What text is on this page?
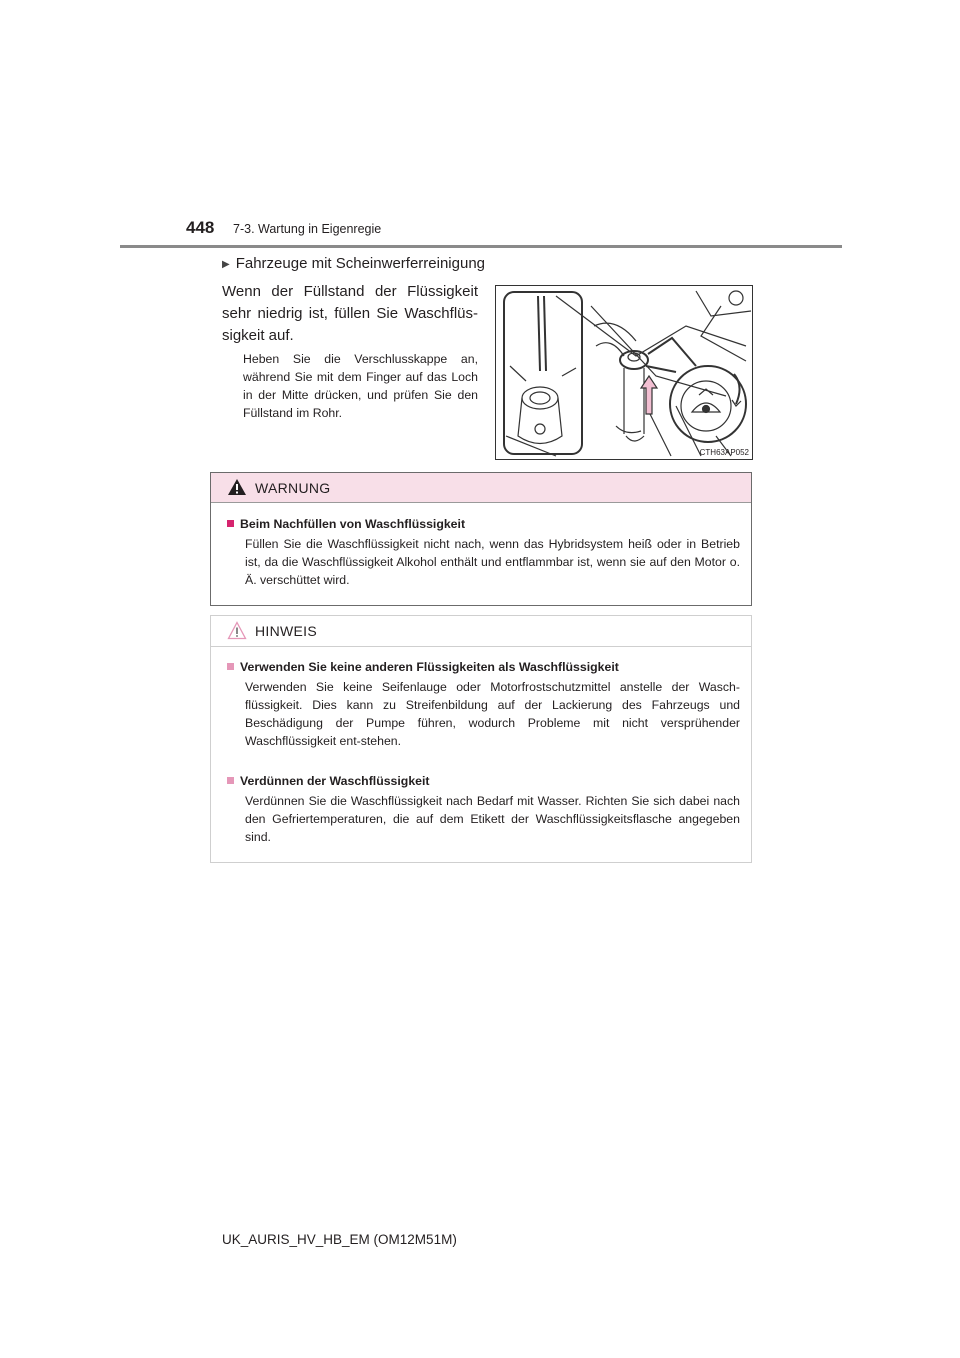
448 7-3. Wartung in Eigenregie
▶ Fahrzeuge mit Scheinwerferreinigung
Wenn der Füllstand der Flüssigkeit sehr niedrig ist, füllen Sie Waschflüs-sigkeit auf.
Heben Sie die Verschlusskappe an, während Sie mit dem Finger auf das Loch in der Mitte drücken, und prüfen Sie den Füllstand im Rohr.
CTH63AP052
WARNUNG
Beim Nachfüllen von Waschflüssigkeit
Füllen Sie die Waschflüssigkeit nicht nach, wenn das Hybridsystem heiß oder in Betrieb ist, da die Waschflüssigkeit Alkohol enthält und entflammbar ist, wenn sie auf den Motor o. Ä. verschüttet wird.
HINWEIS
Verwenden Sie keine anderen Flüssigkeiten als Waschflüssigkeit
Verwenden Sie keine Seifenlauge oder Motorfrostschutzmittel anstelle der Wasch-flüssigkeit. Dies kann zu Streifenbildung auf der Lackierung des Fahrzeugs und Beschädigung der Pumpe führen, wodurch Probleme mit nicht versprühender Waschflüssigkeit ent-stehen.
Verdünnen der Waschflüssigkeit
Verdünnen Sie die Waschflüssigkeit nach Bedarf mit Wasser. Richten Sie sich dabei nach den Gefriertemperaturen, die auf dem Etikett der Waschflüssigkeitsflasche angegeben sind.
UK_AURIS_HV_HB_EM (OM12M51M)
